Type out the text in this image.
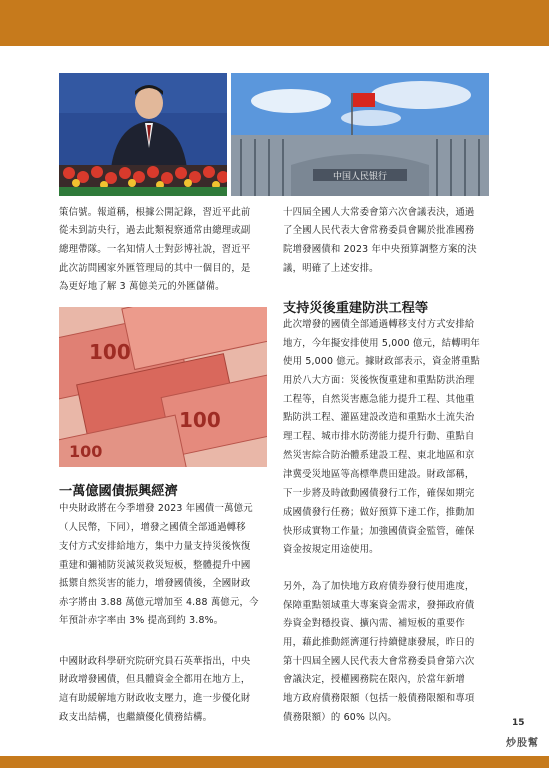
中国人民银行

策信號。報道稱，根據公開記錄，習近平此前

從未到訪央行，過去此類視察通常由總理或副

總理帶隊。一名知情人士對彭博社說，習近平

此次訪問國家外匯管理局的其中一個目的，是

為更好地了解 3 萬億美元的外匯儲備。

100
100
100
一萬億國債振興經濟

中央財政將在今季增發 2023 年國債一萬億元

（人民幣，下同），增發之國債全部通過轉移

支付方式安排給地方，集中力量支持災後恢復

重建和彌補防災減災救災短板，整體提升中國

抵禦自然災害的能力，增發國債後，全國財政

赤字將由 3.88 萬億元增加至 4.88 萬億元，今

年預計赤字率由 3% 提高到約 3.8%。

中國財政科學研究院研究員石英華指出，中央

財政增發國債，但具體資金全都用在地方上，

這有助緩解地方財政收支壓力，進一步優化財

政支出結構，也繼續優化債務結構。

十四屆全國人大常委會第六次會議表決，通過

了全國人民代表大會常務委員會關於批准國務

院增發國債和 2023 年中央預算調整方案的決

議，明確了上述安排。

支持災後重建防洪工程等

此次增發的國債全部通過轉移支付方式安排給

地方，今年擬安排使用 5,000 億元，結轉明年

使用 5,000 億元。據財政部表示，資金將重點

用於八大方面：災後恢復重建和重點防洪治理

工程等，自然災害應急能力提升工程、其他重

點防洪工程、灌區建設改造和重點水土流失治

理工程、城市排水防澇能力提升行動、重點自

然災害綜合防治體系建設工程、東北地區和京

津冀受災地區等高標準農田建設。財政部稱，

下一步將及時啟動國債發行工作，確保如期完

成國債發行任務；做好預算下達工作，推動加

快形成實物工作量；加強國債資金監管，確保

資金按規定用途使用。

另外，為了加快地方政府債券發行使用進度，

保障重點領域重大專案資金需求，發揮政府債

券資金對穩投資、擴內需、補短板的重要作

用，藉此推動經濟運行持續健康發展，昨日的

第十四屆全國人民代表大會常務委員會第六次

會議決定，授權國務院在限內，於當年新增

地方政府債務限額（包括一般債務限額和專項

債務限額）的 60% 以內。	15
炒股幫
